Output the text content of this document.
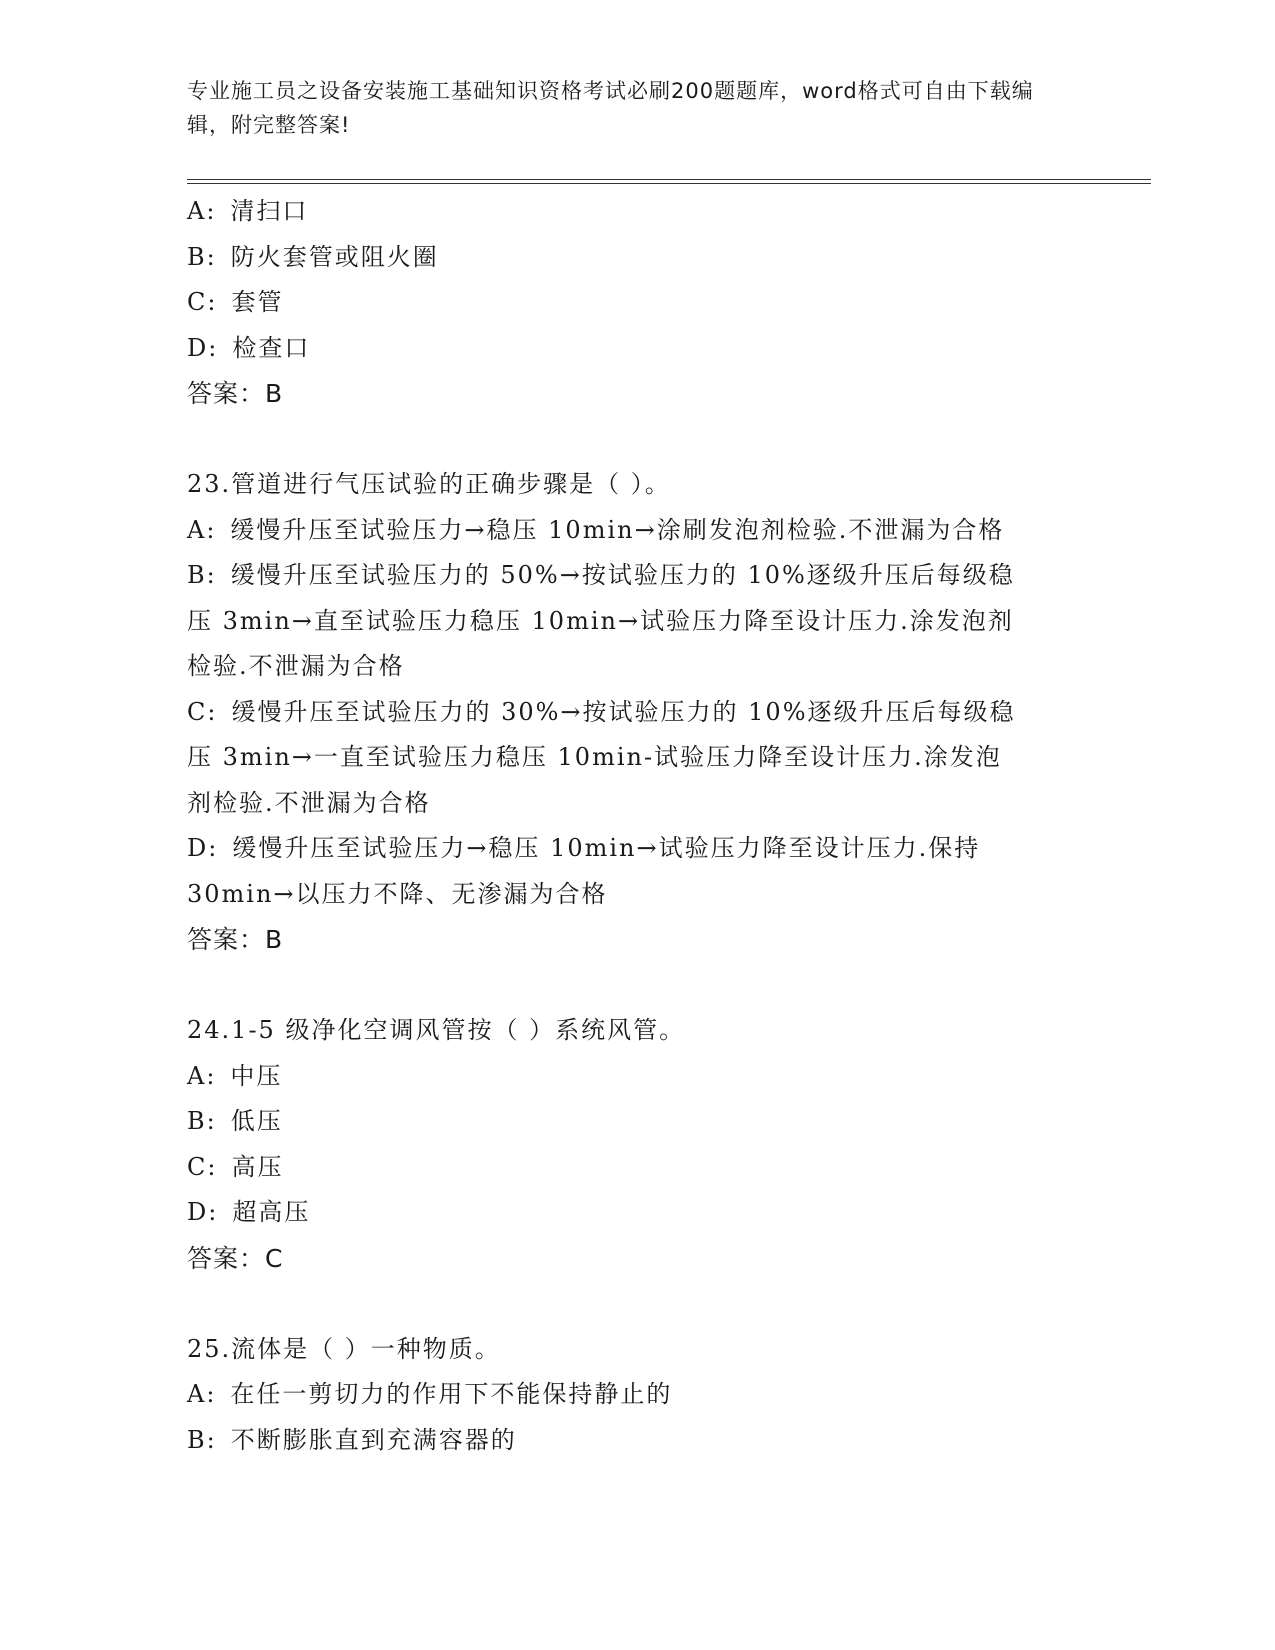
专业施工员之设备安装施工基础知识资格考试必刷200题题库，word格式可自由下载编辑，附完整答案!
A: 清扫口
B: 防火套管或阻火圈
C: 套管
D: 检查口
答案：B
23.管道进行气压试验的正确步骤是（ ）。
A: 缓慢升压至试验压力→稳压 10min→涂刷发泡剂检验.不泄漏为合格
B: 缓慢升压至试验压力的 50%→按试验压力的 10%逐级升压后每级稳
压 3min→直至试验压力稳压 10min→试验压力降至设计压力.涂发泡剂
检验.不泄漏为合格
C: 缓慢升压至试验压力的 30%→按试验压力的 10%逐级升压后每级稳
压 3min→一直至试验压力稳压 10min-试验压力降至设计压力.涂发泡
剂检验.不泄漏为合格
D: 缓慢升压至试验压力→稳压 10min→试验压力降至设计压力.保持
30min→以压力不降、无渗漏为合格
答案：B
24.1-5 级净化空调风管按（ ）系统风管。
A: 中压
B: 低压
C: 高压
D: 超高压
答案：C
25.流体是（ ）一种物质。
A: 在任一剪切力的作用下不能保持静止的
B: 不断膨胀直到充满容器的
